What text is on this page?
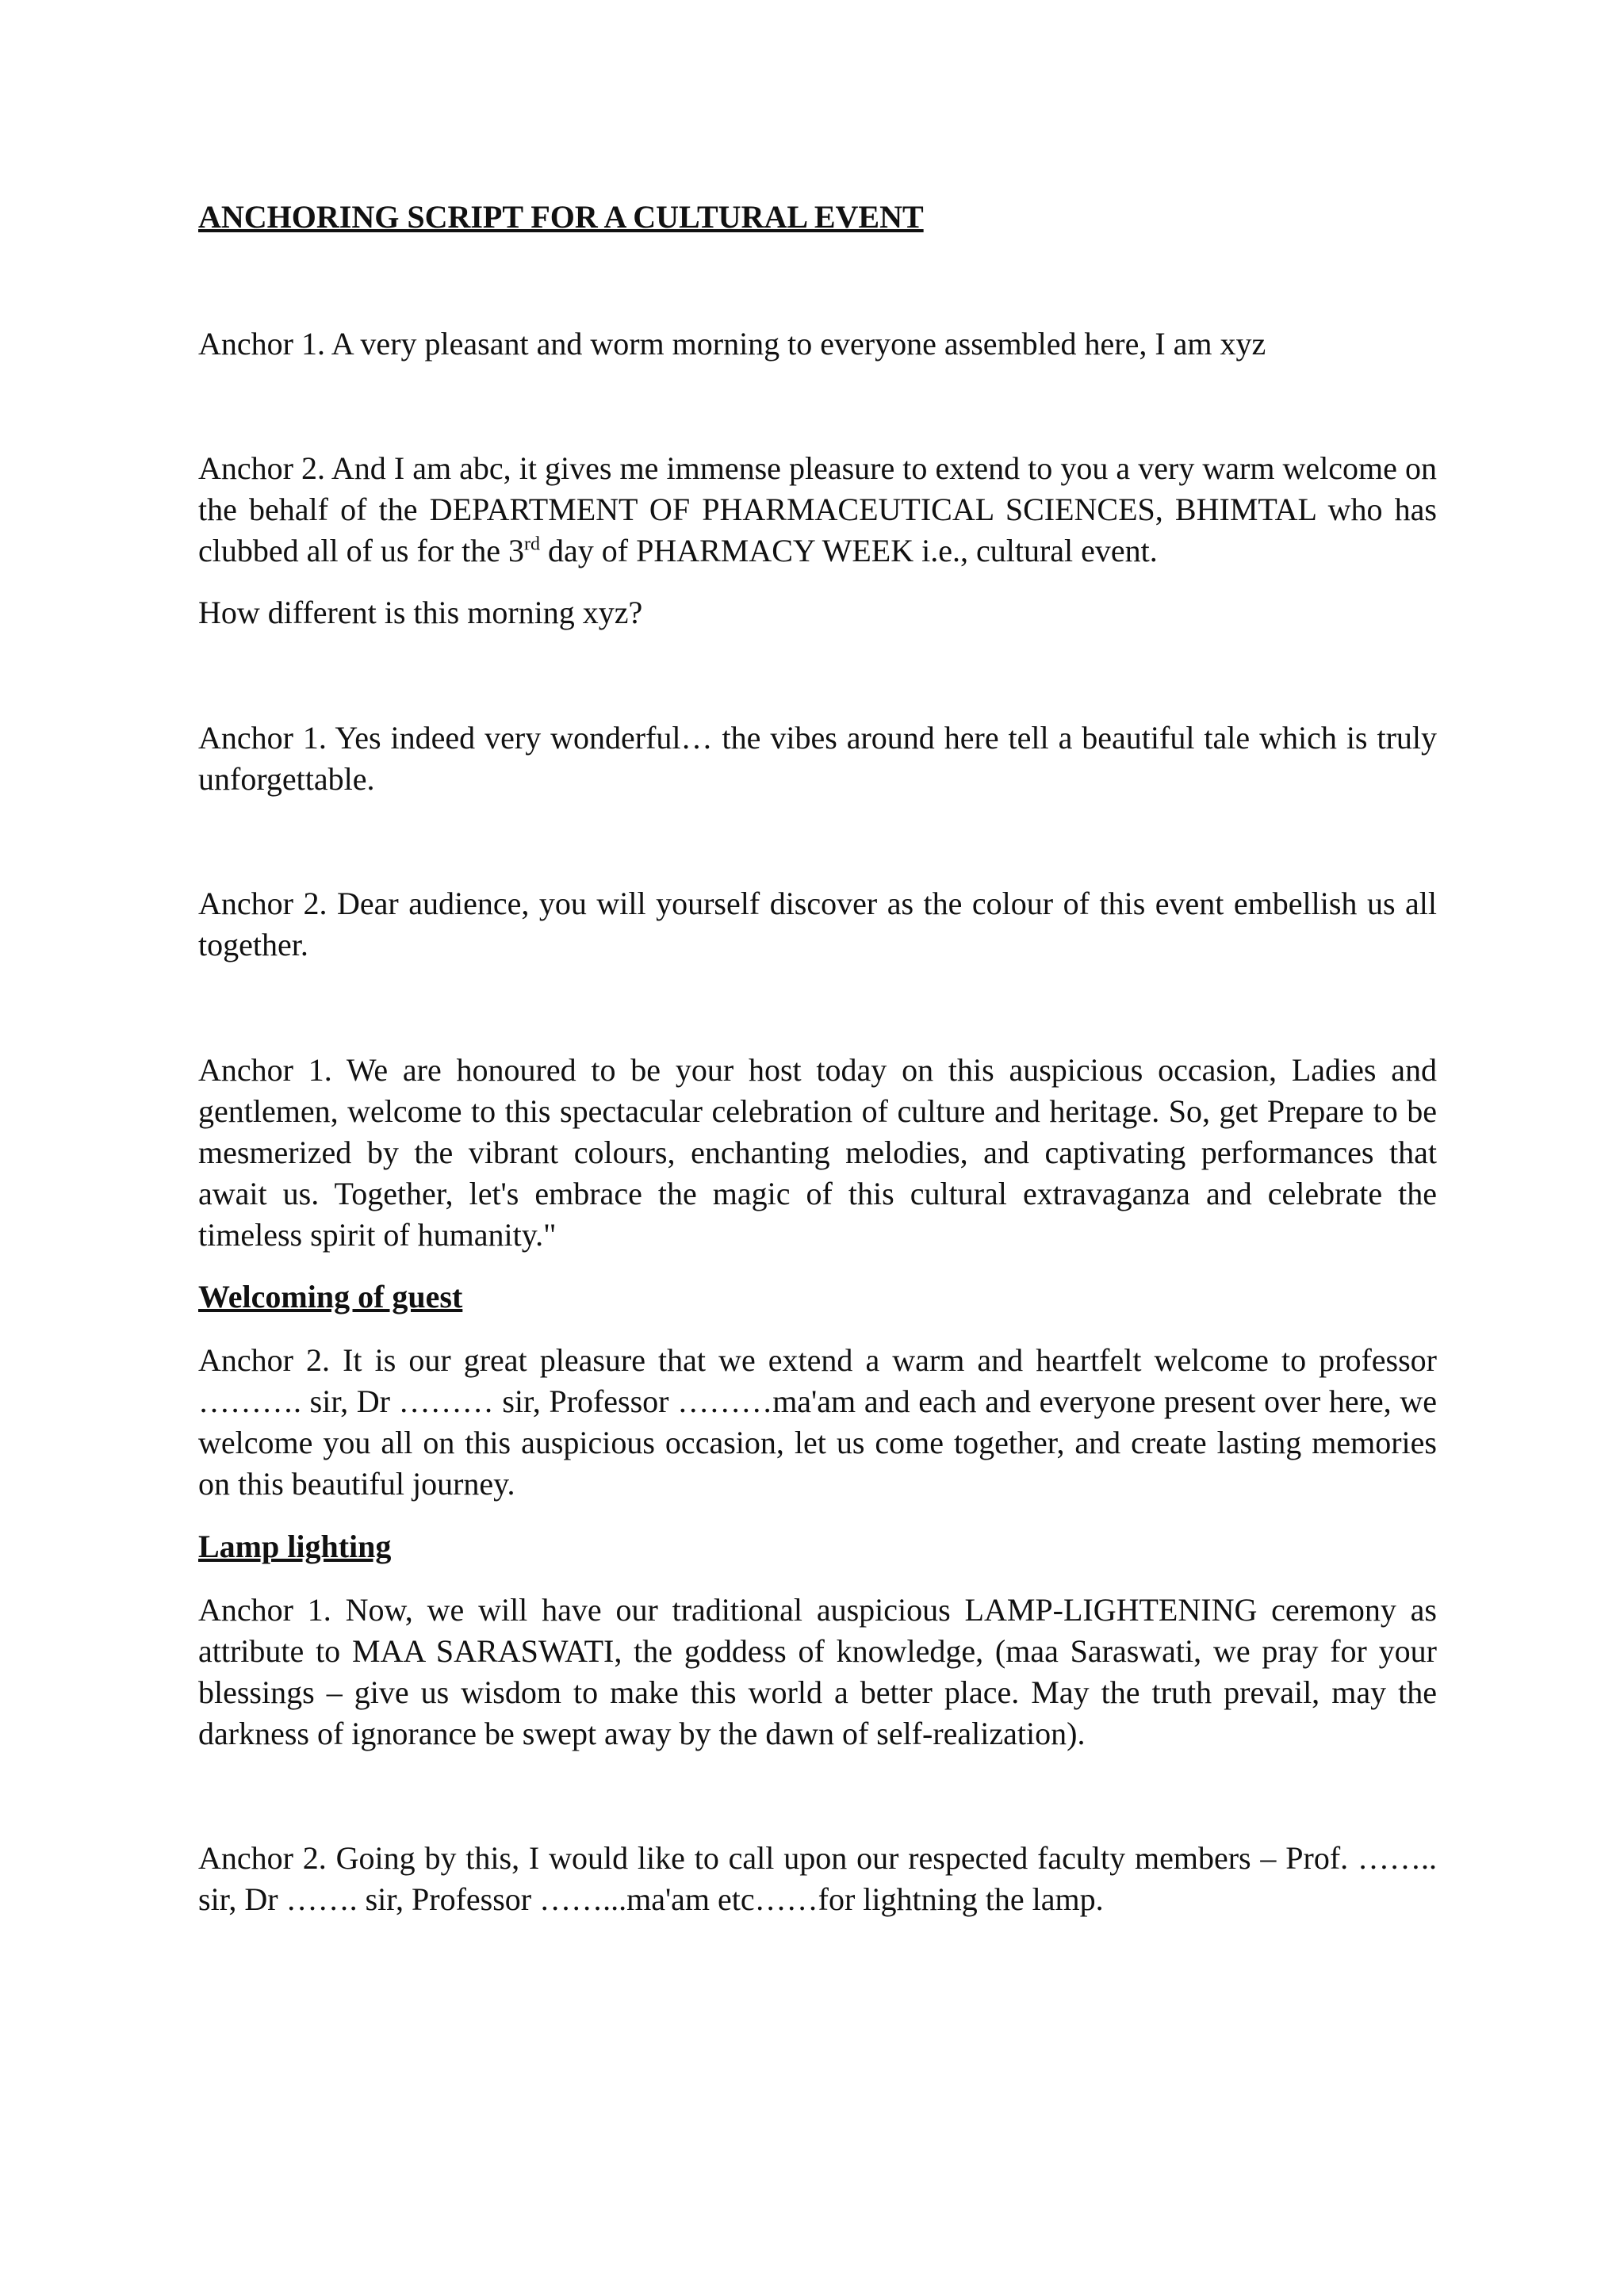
ANCHORING SCRIPT FOR A CULTURAL EVENT

Anchor 1. A very pleasant and worm morning to everyone assembled here, I am xyz

Anchor 2. And I am abc, it gives me immense pleasure to extend to you a very warm welcome on the behalf of the DEPARTMENT OF PHARMACEUTICAL SCIENCES, BHIMTAL who has clubbed all of us for the 3rd day of PHARMACY WEEK i.e., cultural event.

How different is this morning xyz?

Anchor 1. Yes indeed very wonderful… the vibes around here tell a beautiful tale which is truly unforgettable.

Anchor 2. Dear audience, you will yourself discover as the colour of this event embellish us all together.

Anchor 1. We are honoured to be your host today on this auspicious occasion, Ladies and gentlemen, welcome to this spectacular celebration of culture and heritage. So, get Prepare to be mesmerized by the vibrant colours, enchanting melodies, and captivating performances that await us. Together, let's embrace the magic of this cultural extravaganza and celebrate the timeless spirit of humanity."

Welcoming of guest

Anchor 2. It is our great pleasure that we extend a warm and heartfelt welcome to professor ………. sir, Dr ……… sir, Professor ………ma'am and each and everyone present over here, we welcome you all on this auspicious occasion, let us come together, and create lasting memories on this beautiful journey.

Lamp lighting

Anchor 1. Now, we will have our traditional auspicious LAMP-LIGHTENING ceremony as attribute to MAA SARASWATI, the goddess of knowledge, (maa Saraswati, we pray for your blessings – give us wisdom to make this world a better place. May the truth prevail, may the darkness of ignorance be swept away by the dawn of self-realization).

Anchor 2. Going by this, I would like to call upon our respected faculty members – Prof. …….. sir, Dr ……. sir, Professor ……...ma'am etc……for lightning the lamp.
